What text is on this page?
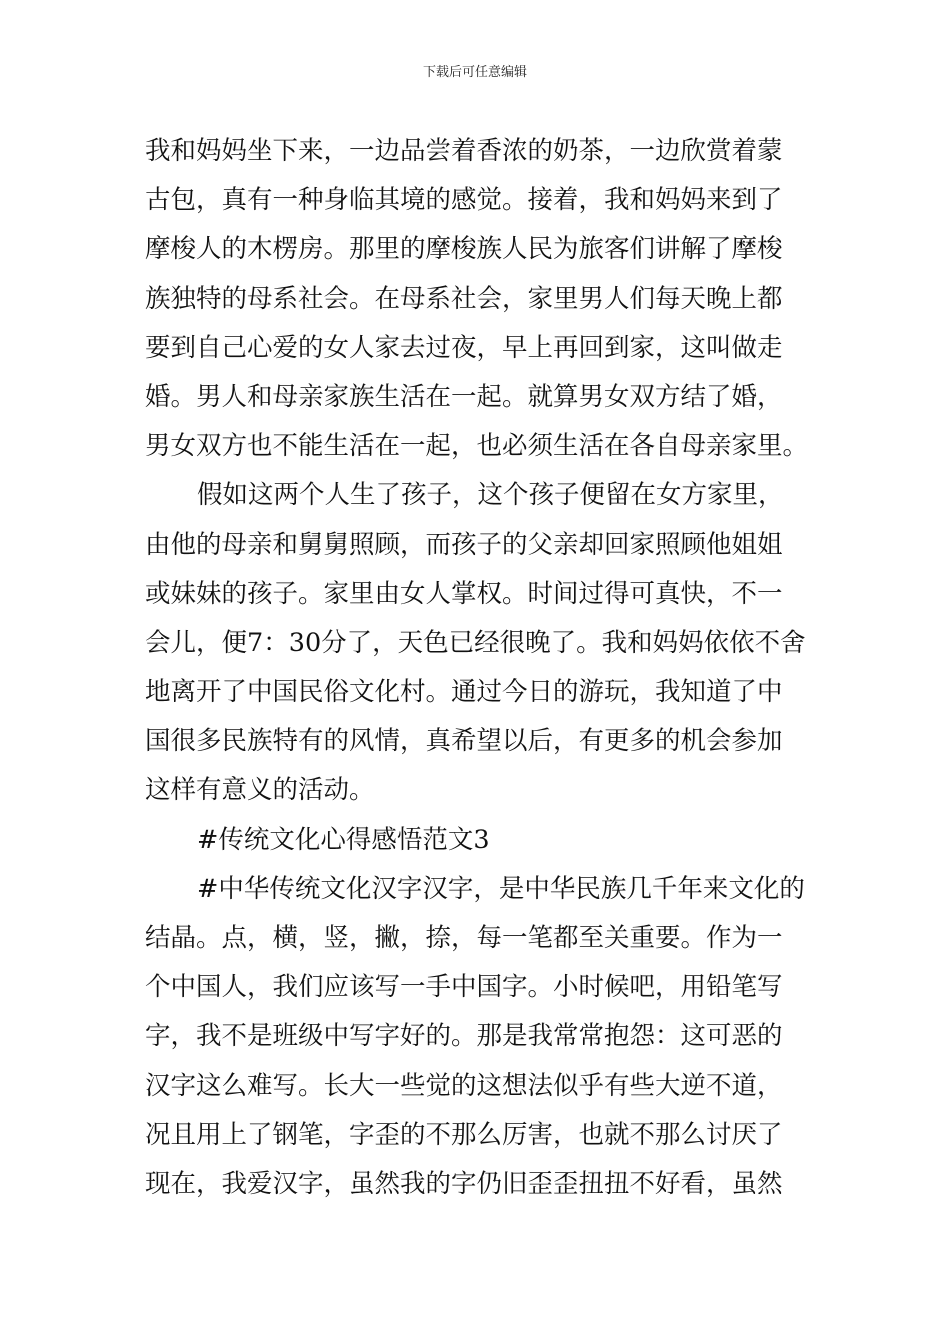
下载后可任意编辑
我和妈妈坐下来，一边品尝着香浓的奶茶，一边欣赏着蒙
古包，真有一种身临其境的感觉。接着，我和妈妈来到了
摩梭人的木楞房。那里的摩梭族人民为旅客们讲解了摩梭
族独特的母系社会。在母系社会，家里男人们每天晚上都
要到自己心爱的女人家去过夜，早上再回到家，这叫做走
婚。男人和母亲家族生活在一起。就算男女双方结了婚，
男女双方也不能生活在一起，也必须生活在各自母亲家里。
假如这两个人生了孩子，这个孩子便留在女方家里，
由他的母亲和舅舅照顾，而孩子的父亲却回家照顾他姐姐
或妹妹的孩子。家里由女人掌权。时间过得可真快，不一
会儿，便7：30分了，天色已经很晚了。我和妈妈依依不舍
地离开了中国民俗文化村。通过今日的游玩，我知道了中
国很多民族特有的风情，真希望以后，有更多的机会参加
这样有意义的活动。
#传统文化心得感悟范文3
#中华传统文化汉字汉字，是中华民族几千年来文化的
结晶。点，横，竖，撇，捺，每一笔都至关重要。作为一
个中国人，我们应该写一手中国字。小时候吧，用铅笔写
字，我不是班级中写字好的。那是我常常抱怨：这可恶的
汉字这么难写。长大一些觉的这想法似乎有些大逆不道，
况且用上了钢笔，字歪的不那么厉害，也就不那么讨厌了
现在，我爱汉字，虽然我的字仍旧歪歪扭扭不好看，虽然
